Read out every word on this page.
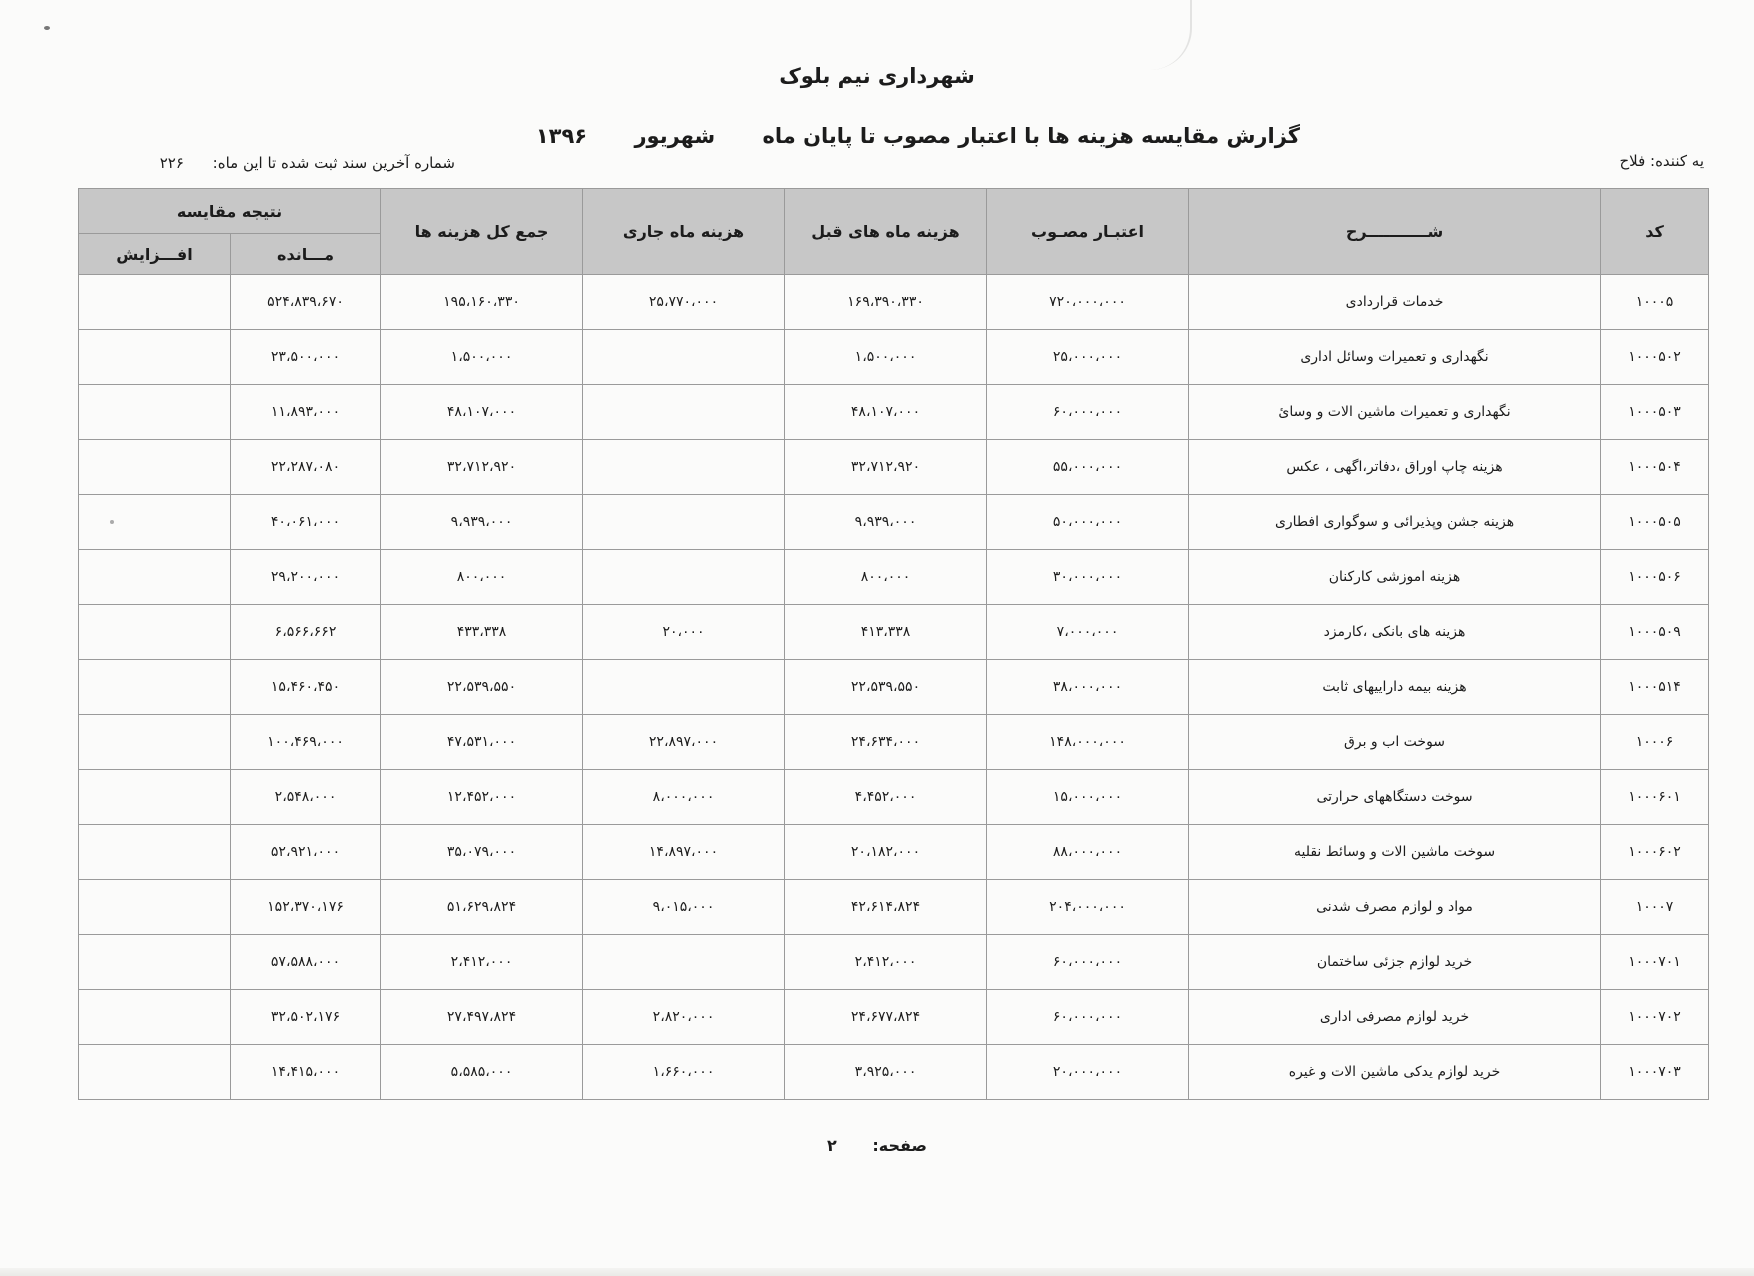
شهرداری نیم بلوک
گزارش مقایسه هزینه ها با اعتبار مصوب تا پایان ماه شهریور ۱۳۹۶
یه کننده: فلاح
شماره آخرین سند ثبت شده تا این ماه: ۲۲۶
کد	شـــــــــــرح	اعتبـار مصـوب	هزینه ماه های قبل	هزینه ماه جاری	جمع کل هزینه ها	نتیجه مقایسه	
						مـــانده	افـــزایش
۱۰۰۰۵	خدمات قراردادی	۷۲۰،۰۰۰،۰۰۰	۱۶۹،۳۹۰،۳۳۰	۲۵،۷۷۰،۰۰۰	۱۹۵،۱۶۰،۳۳۰	۵۲۴،۸۳۹،۶۷۰	
۱۰۰۰۵۰۲	نگهداری و تعمیرات وسائل اداری	۲۵،۰۰۰،۰۰۰	۱،۵۰۰،۰۰۰		۱،۵۰۰،۰۰۰	۲۳،۵۰۰،۰۰۰	
۱۰۰۰۵۰۳	نگهداری و تعمیرات ماشین الات و وسائ	۶۰،۰۰۰،۰۰۰	۴۸،۱۰۷،۰۰۰		۴۸،۱۰۷،۰۰۰	۱۱،۸۹۳،۰۰۰	
۱۰۰۰۵۰۴	هزینه چاپ اوراق ،دفاتر،اگهی ، عکس	۵۵،۰۰۰،۰۰۰	۳۲،۷۱۲،۹۲۰		۳۲،۷۱۲،۹۲۰	۲۲،۲۸۷،۰۸۰	
۱۰۰۰۵۰۵	هزینه جشن وپذیرائی و سوگواری افطاری	۵۰،۰۰۰،۰۰۰	۹،۹۳۹،۰۰۰		۹،۹۳۹،۰۰۰	۴۰،۰۶۱،۰۰۰	
۱۰۰۰۵۰۶	هزینه اموزشی کارکنان	۳۰،۰۰۰،۰۰۰	۸۰۰،۰۰۰		۸۰۰،۰۰۰	۲۹،۲۰۰،۰۰۰	
۱۰۰۰۵۰۹	هزینه های بانکی ،کارمزد	۷،۰۰۰،۰۰۰	۴۱۳،۳۳۸	۲۰،۰۰۰	۴۳۳،۳۳۸	۶،۵۶۶،۶۶۲	
۱۰۰۰۵۱۴	هزینه بیمه داراییهای ثابت	۳۸،۰۰۰،۰۰۰	۲۲،۵۳۹،۵۵۰		۲۲،۵۳۹،۵۵۰	۱۵،۴۶۰،۴۵۰	
۱۰۰۰۶	سوخت اب و برق	۱۴۸،۰۰۰،۰۰۰	۲۴،۶۳۴،۰۰۰	۲۲،۸۹۷،۰۰۰	۴۷،۵۳۱،۰۰۰	۱۰۰،۴۶۹،۰۰۰	
۱۰۰۰۶۰۱	سوخت دستگاههای حرارتی	۱۵،۰۰۰،۰۰۰	۴،۴۵۲،۰۰۰	۸،۰۰۰،۰۰۰	۱۲،۴۵۲،۰۰۰	۲،۵۴۸،۰۰۰	
۱۰۰۰۶۰۲	سوخت ماشین الات و وسائط نقلیه	۸۸،۰۰۰،۰۰۰	۲۰،۱۸۲،۰۰۰	۱۴،۸۹۷،۰۰۰	۳۵،۰۷۹،۰۰۰	۵۲،۹۲۱،۰۰۰	
۱۰۰۰۷	مواد و لوازم مصرف شدنی	۲۰۴،۰۰۰،۰۰۰	۴۲،۶۱۴،۸۲۴	۹،۰۱۵،۰۰۰	۵۱،۶۲۹،۸۲۴	۱۵۲،۳۷۰،۱۷۶	
۱۰۰۰۷۰۱	خرید لوازم جزئی ساختمان	۶۰،۰۰۰،۰۰۰	۲،۴۱۲،۰۰۰		۲،۴۱۲،۰۰۰	۵۷،۵۸۸،۰۰۰	
۱۰۰۰۷۰۲	خرید لوازم مصرفی اداری	۶۰،۰۰۰،۰۰۰	۲۴،۶۷۷،۸۲۴	۲،۸۲۰،۰۰۰	۲۷،۴۹۷،۸۲۴	۳۲،۵۰۲،۱۷۶	
۱۰۰۰۷۰۳	خرید لوازم یدکی ماشین الات و غیره	۲۰،۰۰۰،۰۰۰	۳،۹۲۵،۰۰۰	۱،۶۶۰،۰۰۰	۵،۵۸۵،۰۰۰	۱۴،۴۱۵،۰۰۰	
صفحه: ۲
